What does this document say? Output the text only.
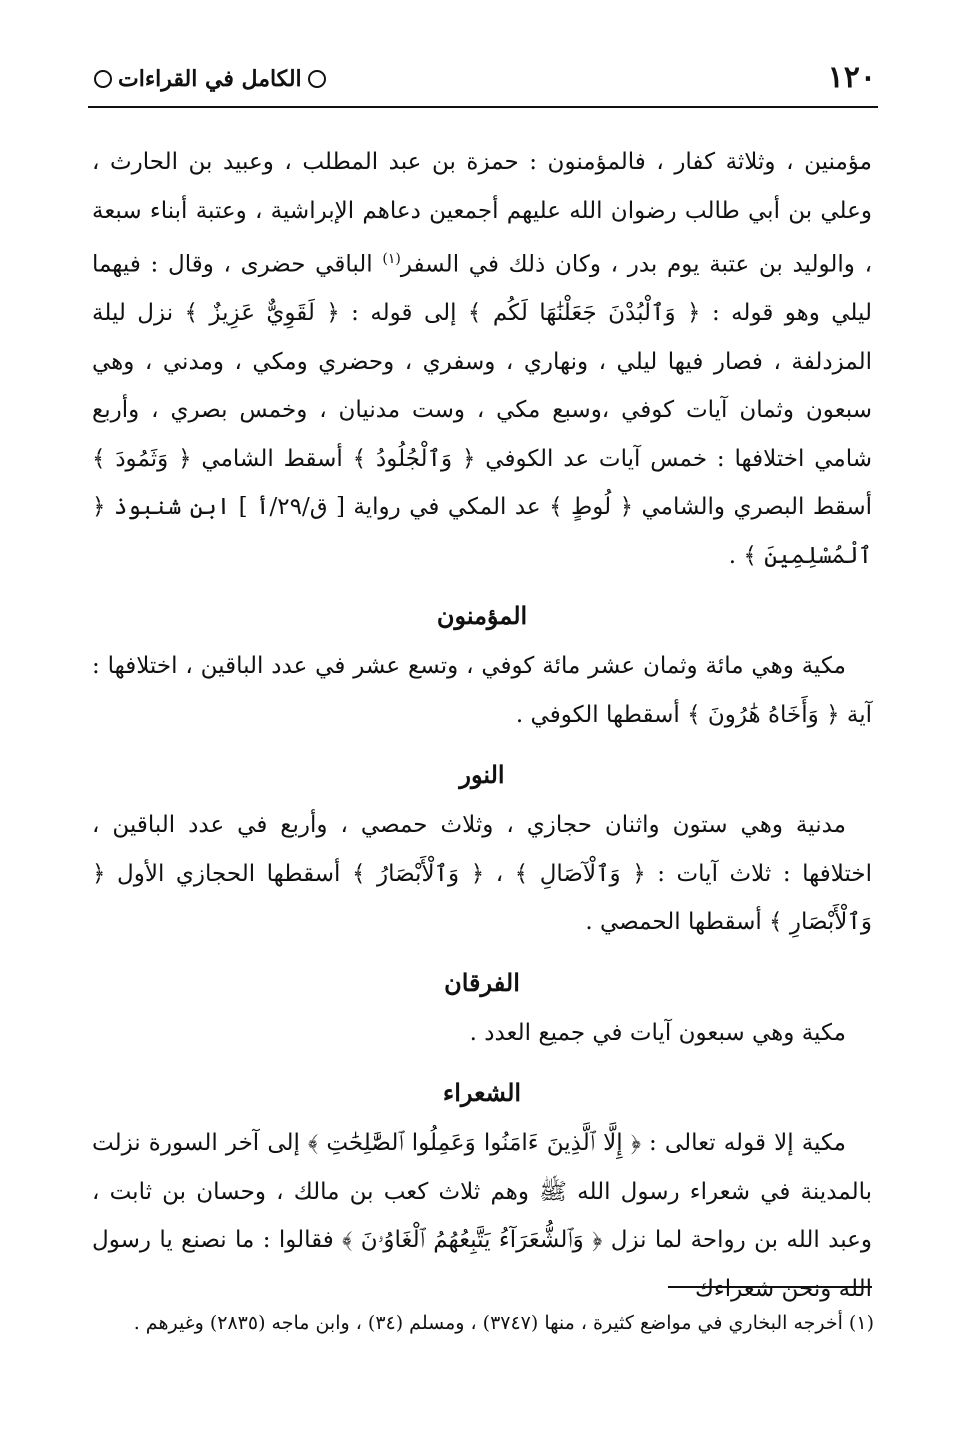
١٢٠
الكامل في القراءات

مؤمنين ، وثلاثة كفار ، فالمؤمنون : حمزة بن عبد المطلب ، وعبيد بن الحارث ، وعلي بن أبي طالب رضوان الله عليهم أجمعين دعاهم الإبراشية ، وعتبة أبناء سبعة ، والوليد بن عتبة يوم بدر ، وكان ذلك في السفر$^{(١)}$ الباقي حضرى ، وقال : فيهما ليلي وهو قوله : ﴿ وَٱلْبُدْنَ جَعَلْنَٰهَا لَكُم ﴾ إلى قوله : ﴿ لَقَوِيٌّ عَزِيزٌ ﴾ نزل ليلة المزدلفة ، فصار فيها ليلي ، ونهاري ، وسفري ، وحضري ومكي ، ومدني ، وهي سبعون وثمان آيات كوفي ،وسبع مكي ، وست مدنيان ، وخمس بصري ، وأربع شامي اختلافها : خمس آيات عد الكوفي ﴿ وَٱلْجُلُودُ ﴾ أسقط الشامي ﴿ وَثَمُودَ ﴾ أسقط البصري والشامي ﴿ لُوطٍ ﴾ عد المكي في رواية [ ق/٢٩/أ ] ابن شنبوذ ﴿ ٱلْمُسْلِمِينَ ﴾ .

المؤمنون

مكية وهي مائة وثمان عشر مائة كوفي ، وتسع عشر في عدد الباقين ، اختلافها : آية ﴿ وَأَخَاهُ هَٰرُونَ ﴾ أسقطها الكوفي .

النور

مدنية وهي ستون واثنان حجازي ، وثلاث حمصي ، وأربع في عدد الباقين ، اختلافها : ثلاث آيات : ﴿ وَٱلْآصَالِ ﴾ ، ﴿ وَٱلْأَبْصَارُ ﴾ أسقطها الحجازي الأول ﴿ وَٱلْأَبْصَارِ ﴾ أسقطها الحمصي .

الفرقان

مكية وهي سبعون آيات في جميع العدد .

الشعراء

مكية إلا قوله تعالى : ﴿ إِلَّا ٱلَّذِينَ ءَامَنُوا وَعَمِلُوا ٱلصَّٰلِحَٰتِ ﴾ إلى آخر السورة نزلت بالمدينة في شعراء رسول الله ﷺ وهم ثلاث كعب بن مالك ، وحسان بن ثابت ، وعبد الله بن رواحة لما نزل ﴿ وَٱلشُّعَرَآءُ يَتَّبِعُهُمُ ٱلْغَاوُۥنَ ﴾ فقالوا : ما نصنع يا رسول الله ونحن شعراءك

(١) أخرجه البخاري في مواضع كثيرة ، منها (٣٧٤٧) ، ومسلم (٣٤) ، وابن ماجه (٢٨٣٥) وغيرهم .
